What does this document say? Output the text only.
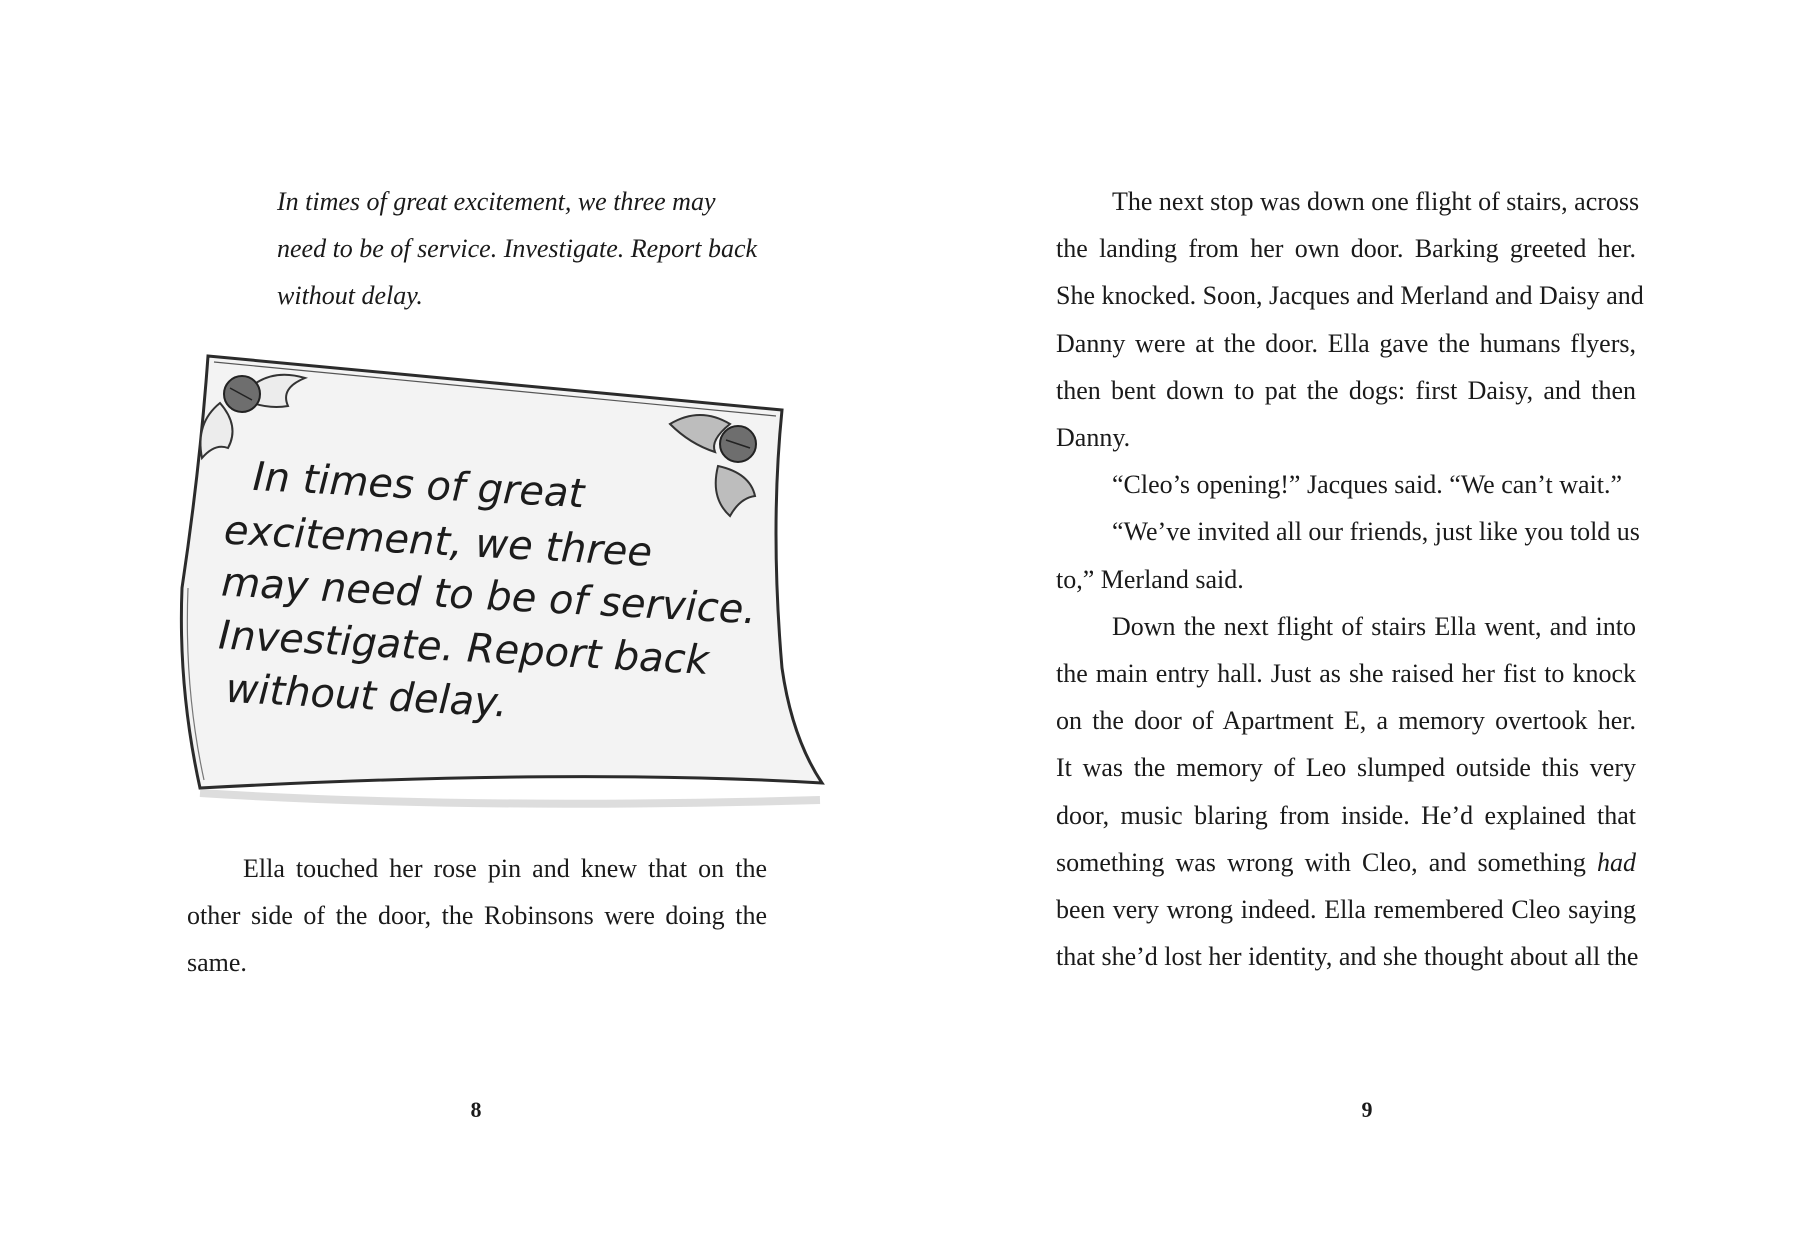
In times of great excitement, we three may
need to be of service. Investigate. Report back
without delay.
In times of great
excitement, we three
may need to be of service.
Investigate. Report back
without delay.
Ella touched her rose pin and knew that on the
other side of the door, the Robinsons were doing the
same.
8
The next stop was down one flight of stairs, across
the landing from her own door. Barking greeted her.
She knocked. Soon, Jacques and Merland and Daisy and
Danny were at the door. Ella gave the humans flyers,
then bent down to pat the dogs: first Daisy, and then
Danny.
“Cleo’s opening!” Jacques said. “We can’t wait.”
“We’ve invited all our friends, just like you told us
to,” Merland said.
Down the next flight of stairs Ella went, and into
the main entry hall. Just as she raised her fist to knock
on the door of Apartment E, a memory overtook her.
It was the memory of Leo slumped outside this very
door, music blaring from inside. He’d explained that
something was wrong with Cleo, and something had
been very wrong indeed. Ella remembered Cleo saying
that she’d lost her identity, and she thought about all the
9
